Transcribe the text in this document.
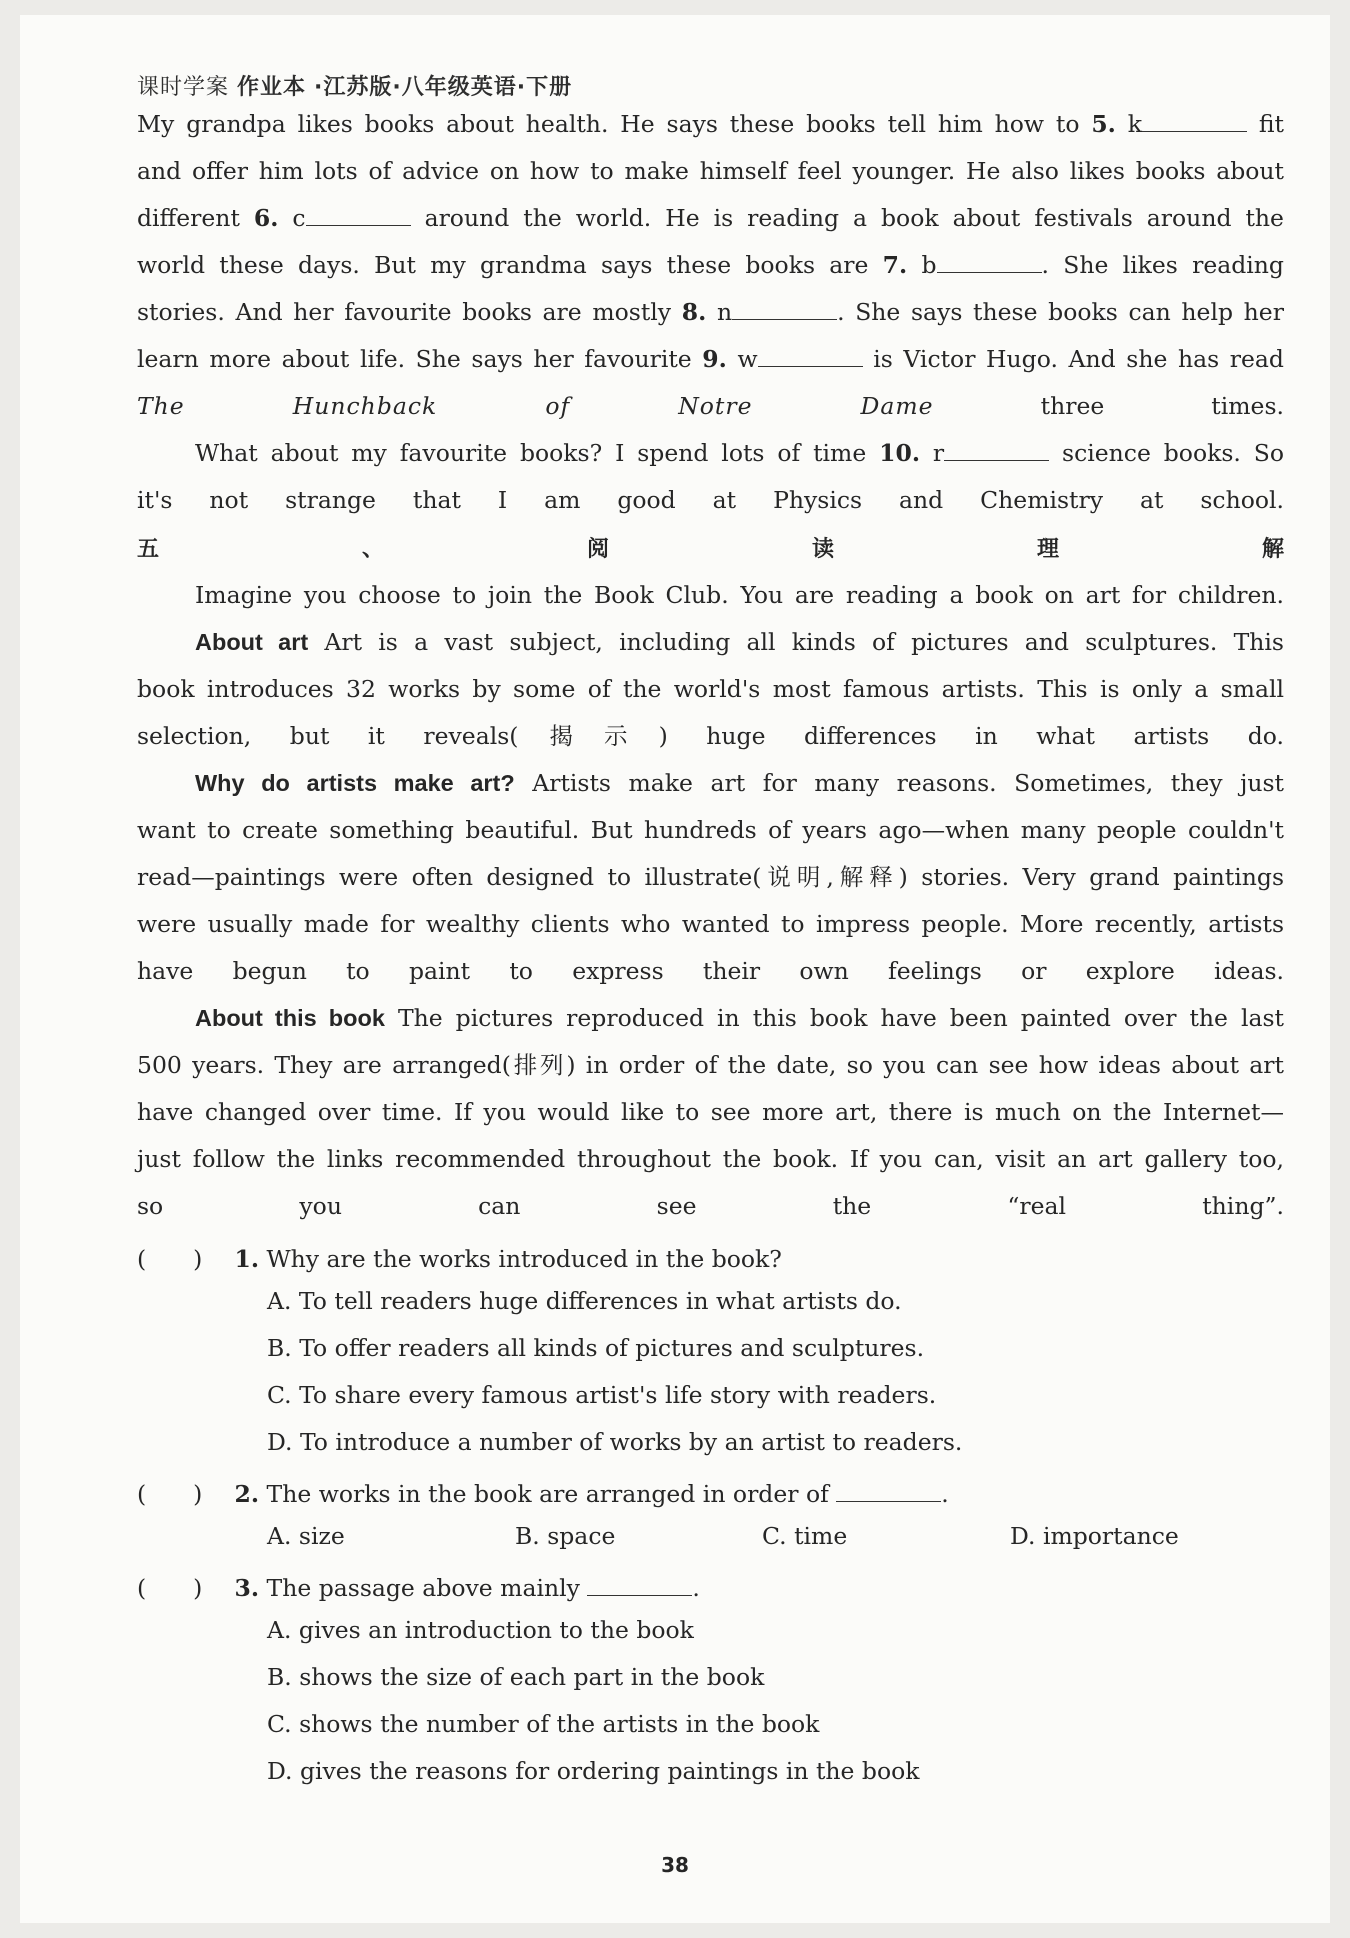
课时学案 作业本 ·江苏版·八年级英语·下册

My grandpa likes books about health. He says these books tell him how to 5. k	fit

and offer him lots of advice on how to make himself feel younger. He also likes books about

different 6. c	around the world. He is reading a book about festivals around the

world these days. But my grandma says these books are 7. b	. She likes reading

stories. And her favourite books are mostly 8. n	. She says these books can help her

learn more about life. She says her favourite 9. w	is Victor Hugo. And she has read

The Hunchback of Notre Dame	three times.

What about my favourite books? I spend lots of time 10. r	science books. So

it's not strange that I am good at Physics and Chemistry at school.

五、阅读理解

Imagine you choose to join the Book Club. You are reading a book on art for children.

About art Art is a vast subject, including all kinds of pictures and sculptures. This

book introduces 32 works by some of the world's most famous artists. This is only a small

selection, but it reveals(揭示) huge differences in what artists do.

Why do artists make art? Artists make art for many reasons. Sometimes, they just

want to create something beautiful. But hundreds of years ago—when many people couldn't

read—paintings were often designed to illustrate(说明,解释) stories. Very grand paintings

were usually made for wealthy clients who wanted to impress people. More recently, artists

have begun to paint to express their own feelings or explore ideas.

About this book The pictures reproduced in this book have been painted over the last

500 years. They are arranged(排列) in order of the date, so you can see how ideas about art

have changed over time. If you would like to see more art, there is much on the Internet—

just follow the links recommended throughout the book. If you can, visit an art gallery too,

so you can see the “real thing”.

(　　) 1. Why are the works introduced in the book?
A. To tell readers huge differences in what artists do.
B. To offer readers all kinds of pictures and sculptures.
C. To share every famous artist's life story with readers.
D. To introduce a number of works by an artist to readers.
(　　) 2. The works in the book are arranged in order of	.
A. size	B. space	C. time	D. importance
(　　) 3. The passage above mainly	.
A. gives an introduction to the book
B. shows the size of each part in the book
C. shows the number of the artists in the book
D. gives the reasons for ordering paintings in the book
38
